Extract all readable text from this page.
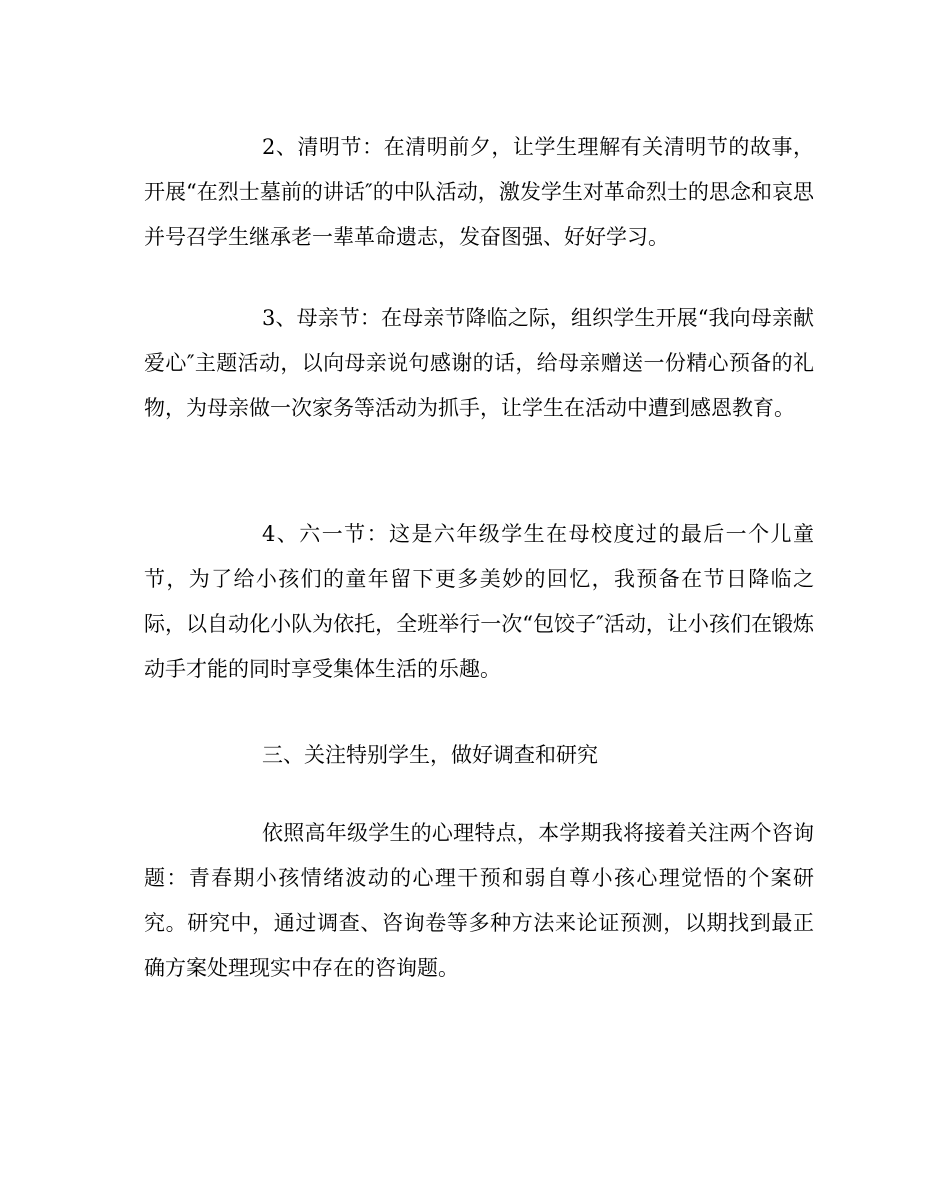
2、清明节：在清明前夕，让学生理解有关清明节的故事，开展“在烈士墓前的讲话″的中队活动，激发学生对革命烈士的思念和哀思并号召学生继承老一辈革命遗志，发奋图强、好好学习。

3、母亲节：在母亲节降临之际，组织学生开展“我向母亲献爱心″主题活动，以向母亲说句感谢的话，给母亲赠送一份精心预备的礼物，为母亲做一次家务等活动为抓手，让学生在活动中遭到感恩教育。

4、六一节：这是六年级学生在母校度过的最后一个儿童节，为了给小孩们的童年留下更多美妙的回忆，我预备在节日降临之际，以自动化小队为依托，全班举行一次“包饺子″活动，让小孩们在锻炼动手才能的同时享受集体生活的乐趣。

三、关注特别学生，做好调查和研究

依照高年级学生的心理特点，本学期我将接着关注两个咨询题：青春期小孩情绪波动的心理干预和弱自尊小孩心理觉悟的个案研究。研究中，通过调查、咨询卷等多种方法来论证预测，以期找到最正确方案处理现实中存在的咨询题。
